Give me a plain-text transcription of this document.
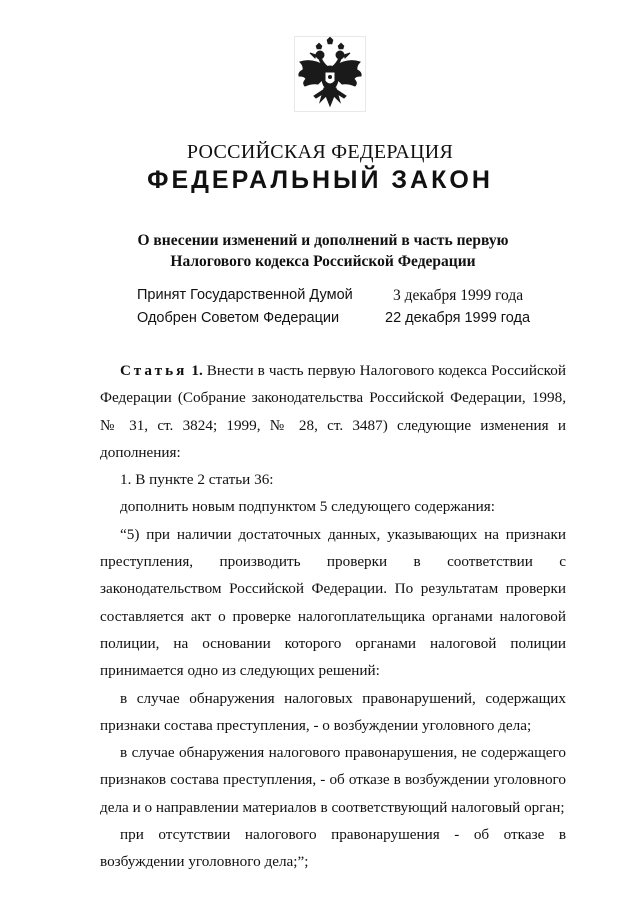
РОССИЙСКАЯ ФЕДЕРАЦИЯ
ФЕДЕРАЛЬНЫЙ ЗАКОН
О внесении изменений и дополнений в часть первую
Налогового кодекса Российской Федерации
Принят Государственной Думой	3 декабря 1999 года
Одобрен Советом Федерации	22 декабря 1999 года

Статья 1. Внести в часть первую Налогового кодекса Российской Федерации (Собрание законодательства Российской Федерации, 1998, № 31, ст. 3824; 1999, № 28, ст. 3487) следующие изменения и дополнения:

1. В пункте 2 статьи 36:

дополнить новым подпунктом 5 следующего содержания:

“5) при наличии достаточных данных, указывающих на признаки преступления, производить проверки в соответствии с законодательством Российской Федерации. По результатам проверки составляется акт о проверке налогоплательщика органами налоговой полиции, на основании которого органами налоговой полиции принимается одно из следующих решений:

в случае обнаружения налоговых правонарушений, содержащих признаки состава преступления, - о возбуждении уголовного дела;

в случае обнаружения налогового правонарушения, не содержащего признаков состава преступления, - об отказе в возбуждении уголовного дела и о направлении материалов в соответствующий налоговый орган;

при отсутствии налогового правонарушения - об отказе в возбуждении уголовного дела;”;
